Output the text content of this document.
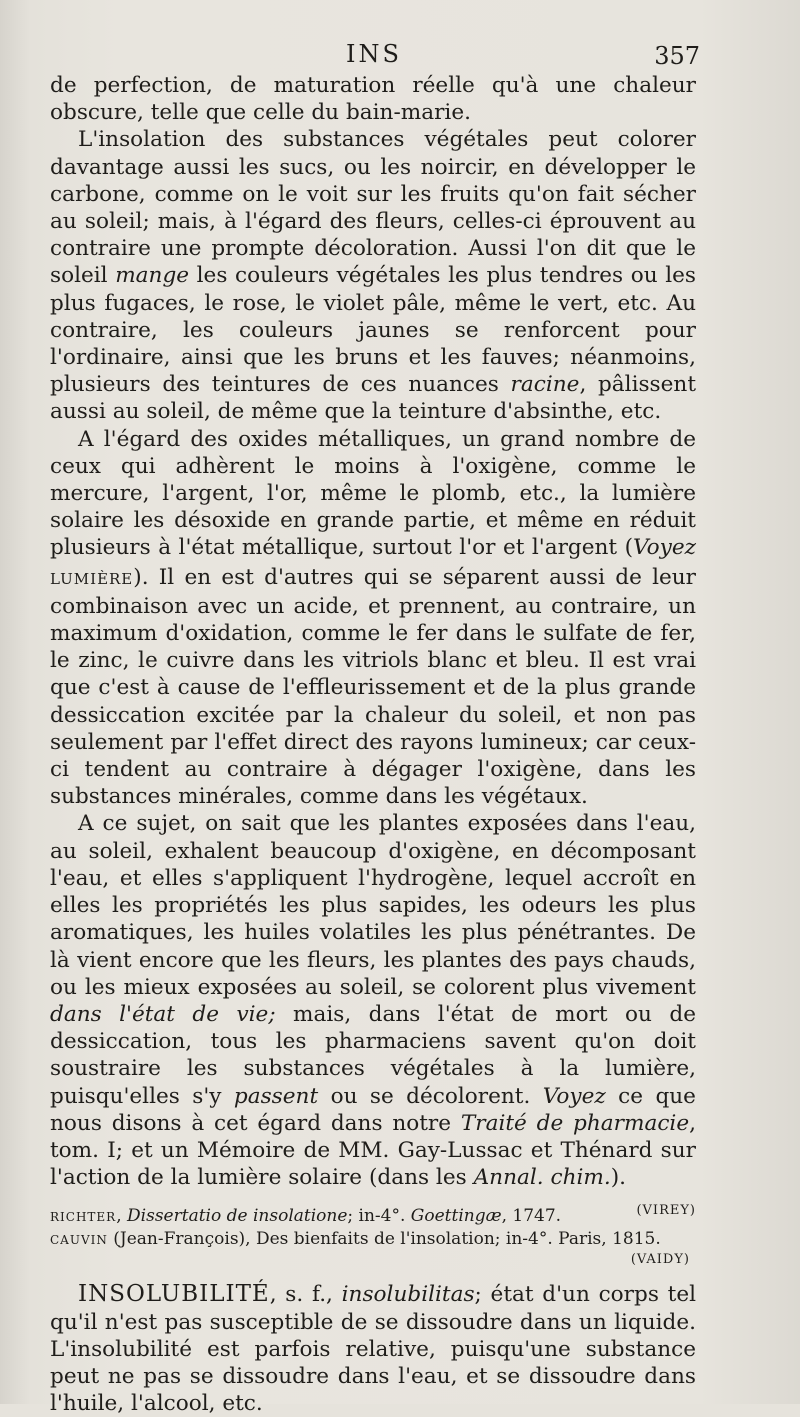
INS	357

de perfection, de maturation réelle qu'à une chaleur obscure, telle que celle du bain-marie.

L'insolation des substances végétales peut colorer davantage aussi les sucs, ou les noircir, en développer le carbone, comme on le voit sur les fruits qu'on fait sécher au soleil; mais, à l'égard des fleurs, celles-ci éprouvent au contraire une prompte décoloration. Aussi l'on dit que le soleil mange les couleurs végétales les plus tendres ou les plus fugaces, le rose, le violet pâle, même le vert, etc. Au contraire, les couleurs jaunes se renforcent pour l'ordinaire, ainsi que les bruns et les fauves; néanmoins, plusieurs des teintures de ces nuances racine, pâlissent aussi au soleil, de même que la teinture d'absinthe, etc.

A l'égard des oxides métalliques, un grand nombre de ceux qui adhèrent le moins à l'oxigène, comme le mercure, l'argent, l'or, même le plomb, etc., la lumière solaire les désoxide en grande partie, et même en réduit plusieurs à l'état métallique, surtout l'or et l'argent (Voyez LUMIÈRE). Il en est d'autres qui se séparent aussi de leur combinaison avec un acide, et prennent, au contraire, un maximum d'oxidation, comme le fer dans le sulfate de fer, le zinc, le cuivre dans les vitriols blanc et bleu. Il est vrai que c'est à cause de l'effleurissement et de la plus grande dessiccation excitée par la chaleur du soleil, et non pas seulement par l'effet direct des rayons lumineux; car ceux-ci tendent au contraire à dégager l'oxigène, dans les substances minérales, comme dans les végétaux.

A ce sujet, on sait que les plantes exposées dans l'eau, au soleil, exhalent beaucoup d'oxigène, en décomposant l'eau, et elles s'appliquent l'hydrogène, lequel accroît en elles les propriétés les plus sapides, les odeurs les plus aromatiques, les huiles volatiles les plus pénétrantes. De là vient encore que les fleurs, les plantes des pays chauds, ou les mieux exposées au soleil, se colorent plus vivement dans l'état de vie; mais, dans l'état de mort ou de dessiccation, tous les pharmaciens savent qu'on doit soustraire les substances végétales à la lumière, puisqu'elles s'y passent ou se décolorent. Voyez ce que nous disons à cet égard dans notre Traité de pharmacie, tom. I; et un Mémoire de MM. Gay-Lussac et Thénard sur l'action de la lumière solaire (dans les Annal. chim.).
(VIREY)

RICHTER, Dissertatio de insolatione; in-4°. Goettingæ, 1747.

CAUVIN (Jean-François), Des bienfaits de l'insolation; in-4°. Paris, 1815.

(VAIDY)

INSOLUBILITÉ, s. f., insolubilitas; état d'un corps tel qu'il n'est pas susceptible de se dissoudre dans un liquide. L'insolubilité est parfois relative, puisqu'une substance peut ne pas se dissoudre dans l'eau, et se dissoudre dans l'huile, l'alcool, etc.
